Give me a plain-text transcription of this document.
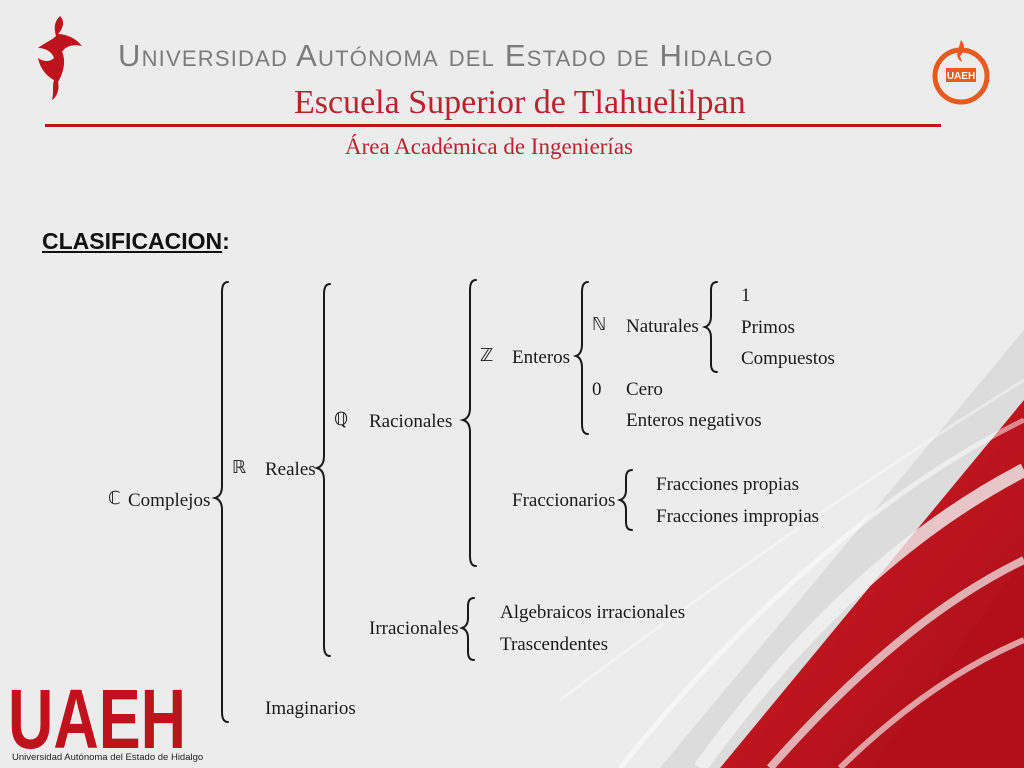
Universidad Autónoma del Estado de Hidalgo
Escuela Superior de Tlahuelilpan
Área Académica de Ingenierías
UAEH
CLASIFICACION:
ℂ Complejos
ℝ Reales
Imaginarios
ℚ Racionales
Irracionales
ℤ Enteros
Fraccionarios
ℕ Naturales
0 Cero
Enteros negativos
1
Primos
Compuestos
Fracciones propias
Fracciones impropias
Algebraicos irracionales
Trascendentes
UAEH
Universidad Autónoma del Estado de Hidalgo
